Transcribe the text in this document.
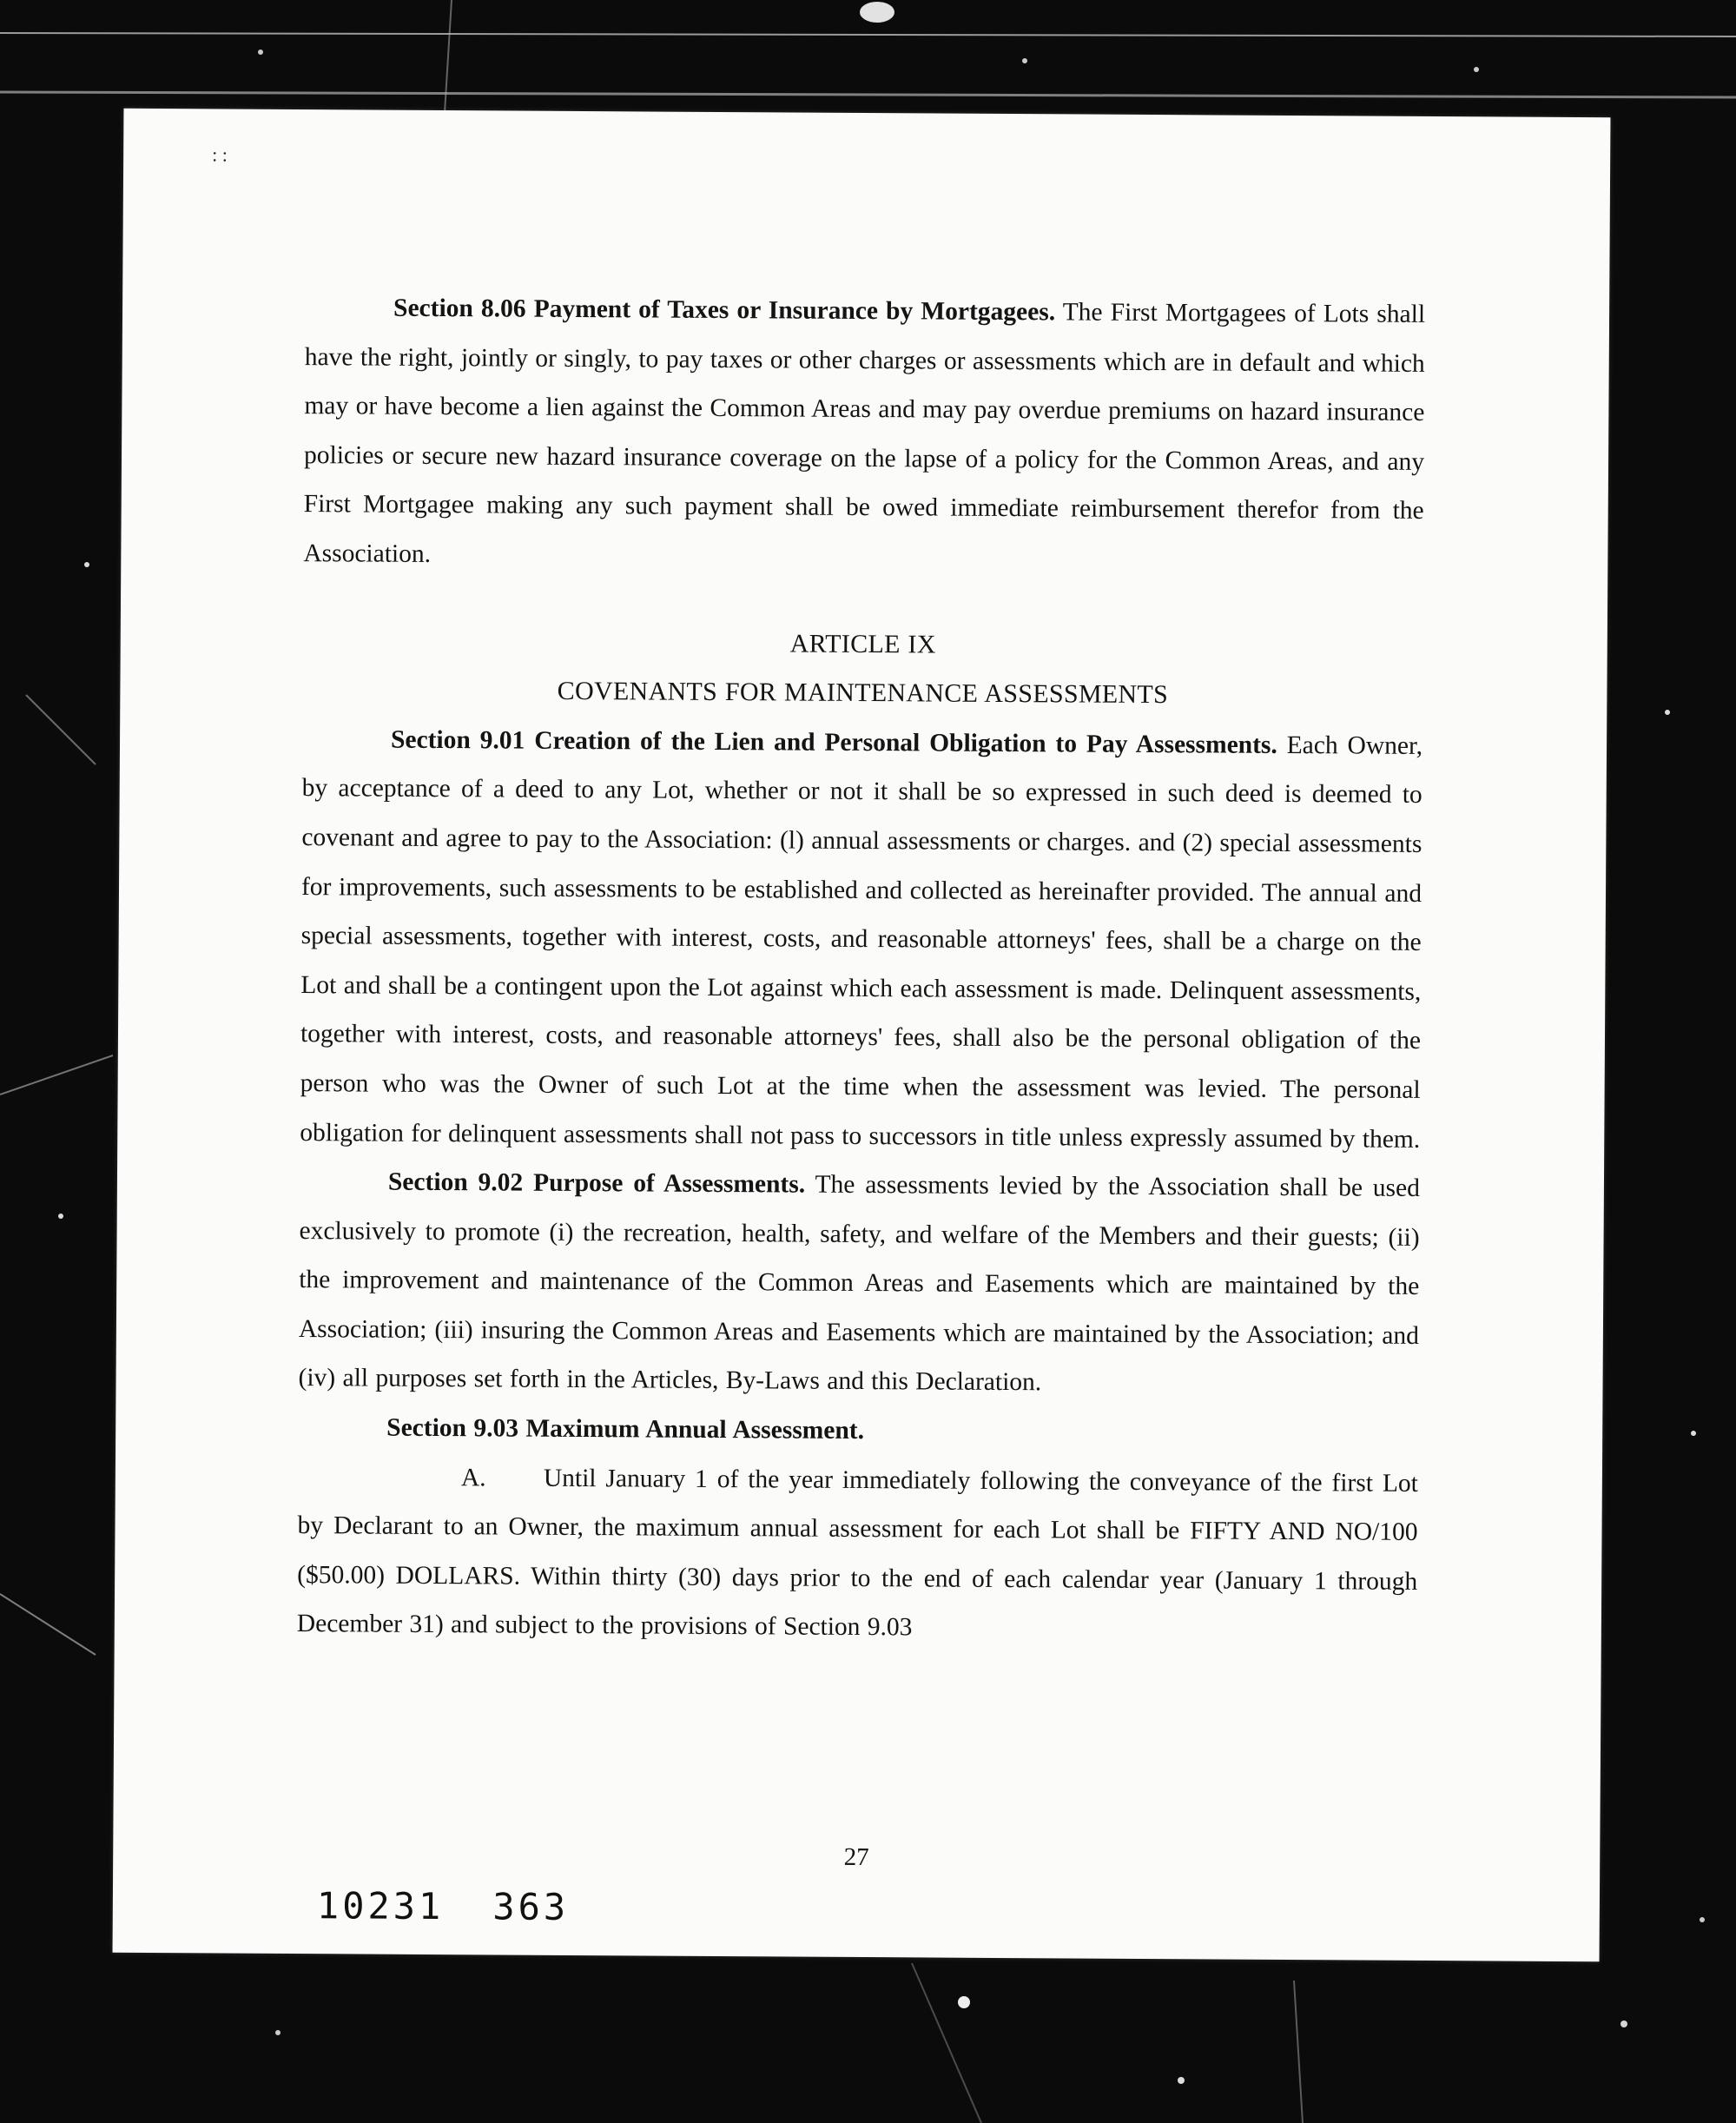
: :

Section 8.06 Payment of Taxes or Insurance by Mortgagees. The First Mortgagees of Lots shall have the right, jointly or singly, to pay taxes or other charges or assessments which are in default and which may or have become a lien against the Common Areas and may pay overdue premiums on hazard insurance policies or secure new hazard insurance coverage on the lapse of a policy for the Common Areas, and any First Mortgagee making any such payment shall be owed immediate reimbursement therefor from the Association.

ARTICLE IX

COVENANTS FOR MAINTENANCE ASSESSMENTS

Section 9.01 Creation of the Lien and Personal Obligation to Pay Assessments. Each Owner, by acceptance of a deed to any Lot, whether or not it shall be so expressed in such deed is deemed to covenant and agree to pay to the Association: (l) annual assessments or charges. and (2) special assessments for improvements, such assessments to be established and collected as hereinafter provided. The annual and special assessments, together with interest, costs, and reasonable attorneys' fees, shall be a charge on the Lot and shall be a contingent upon the Lot against which each assessment is made. Delinquent assessments, together with interest, costs, and reasonable attorneys' fees, shall also be the personal obligation of the person who was the Owner of such Lot at the time when the assessment was levied. The personal obligation for delinquent assessments shall not pass to successors in title unless expressly assumed by them.

Section 9.02 Purpose of Assessments. The assessments levied by the Association shall be used exclusively to promote (i) the recreation, health, safety, and welfare of the Members and their guests; (ii) the improvement and maintenance of the Common Areas and Easements which are maintained by the Association; (iii) insuring the Common Areas and Easements which are maintained by the Association; and (iv) all purposes set forth in the Articles, By-Laws and this Declaration.

Section 9.03 Maximum Annual Assessment.

A. Until January 1 of the year immediately following the conveyance of the first Lot by Declarant to an Owner, the maximum annual assessment for each Lot shall be FIFTY AND NO/100 ($50.00) DOLLARS. Within thirty (30) days prior to the end of each calendar year (January 1 through December 31) and subject to the provisions of Section 9.03

27
10231 363
